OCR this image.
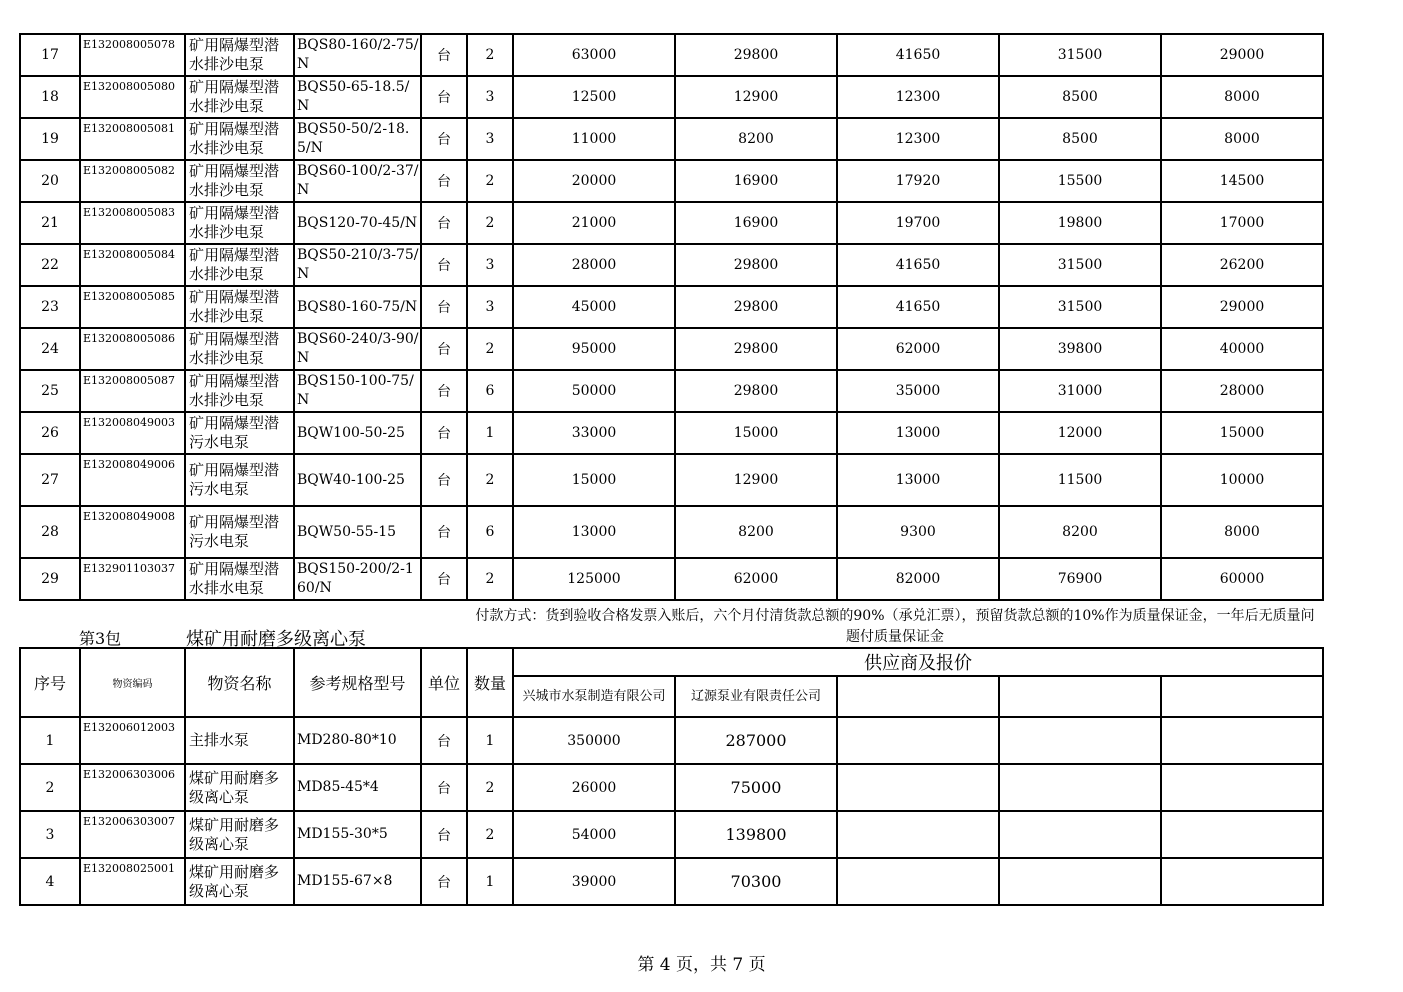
17	E132008005078	矿用隔爆型潜水排沙电泵	BQS80-160/2-75/N	台	2	63000	29800	41650	31500	29000
18	E132008005080	矿用隔爆型潜水排沙电泵	BQS50-65-18.5/N	台	3	12500	12900	12300	8500	8000
19	E132008005081	矿用隔爆型潜水排沙电泵	BQS50-50/2-18.5/N	台	3	11000	8200	12300	8500	8000
20	E132008005082	矿用隔爆型潜水排沙电泵	BQS60-100/2-37/N	台	2	20000	16900	17920	15500	14500
21	E132008005083	矿用隔爆型潜水排沙电泵	BQS120-70-45/N	台	2	21000	16900	19700	19800	17000
22	E132008005084	矿用隔爆型潜水排沙电泵	BQS50-210/3-75/N	台	3	28000	29800	41650	31500	26200
23	E132008005085	矿用隔爆型潜水排沙电泵	BQS80-160-75/N	台	3	45000	29800	41650	31500	29000
24	E132008005086	矿用隔爆型潜水排沙电泵	BQS60-240/3-90/N	台	2	95000	29800	62000	39800	40000
25	E132008005087	矿用隔爆型潜水排沙电泵	BQS150-100-75/N	台	6	50000	29800	35000	31000	28000
26	E132008049003	矿用隔爆型潜污水电泵	BQW100-50-25	台	1	33000	15000	13000	12000	15000
27	E132008049006	矿用隔爆型潜污水电泵	BQW40-100-25	台	2	15000	12900	13000	11500	10000
28	E132008049008	矿用隔爆型潜污水电泵	BQW50-55-15	台	6	13000	8200	9300	8200	8000
29	E132901103037	矿用隔爆型潜水排水电泵	BQS150-200/2-160/N	台	2	125000	62000	82000	76900	60000
付款方式：货到验收合格发票入账后，六个月付清货款总额的90%（承兑汇票），预留货款总额的10%作为质量保证金，一年后无质量问题付质量保证金
第3包	煤矿用耐磨多级离心泵
序号	物资编码	物资名称	参考规格型号	单位	数量	供应商及报价				
						兴城市水泵制造有限公司	辽源泵业有限责任公司			
1	E132006012003	主排水泵	MD280-80*10	台	1	350000	287000			
2	E132006303006	煤矿用耐磨多级离心泵	MD85-45*4	台	2	26000	75000			
3	E132006303007	煤矿用耐磨多级离心泵	MD155-30*5	台	2	54000	139800			
4	E132008025001	煤矿用耐磨多级离心泵	MD155-67×8	台	1	39000	70300			
第 4 页，共 7 页
